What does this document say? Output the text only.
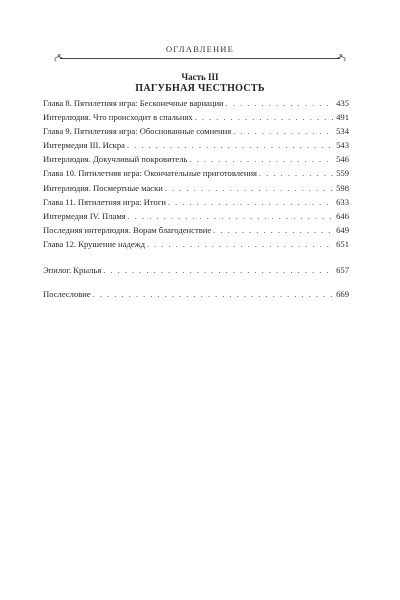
ОГЛАВЛЕНИЕ
Часть III
ПАГУБНАЯ ЧЕСТНОСТЬ
Глава 8. Пятилетняя игра: Бесконечные вариации . . .	435
Интерлюдия. Что происходит в спальнях . . .	491
Глава 9. Пятилетняя игра: Обоснованные сомнения . . .	534
Интермедия III. Искра . . .	543
Интерлюдия. Докучливый покровитель . . .	546
Глава 10. Пятилетняя игра: Окончательные приготовления . . .	559
Интерлюдия. Посмертные маски . . .	598
Глава 11. Пятилетняя игра: Итоги . . .	633
Интермедия IV. Пламя . . .	646
Последняя интерлюдия. Ворам благоденствие . . .	649
Глава 12. Крушение надежд . . .	651
Эпилог. Крылья . . .	657
Послесловие . . .	669
